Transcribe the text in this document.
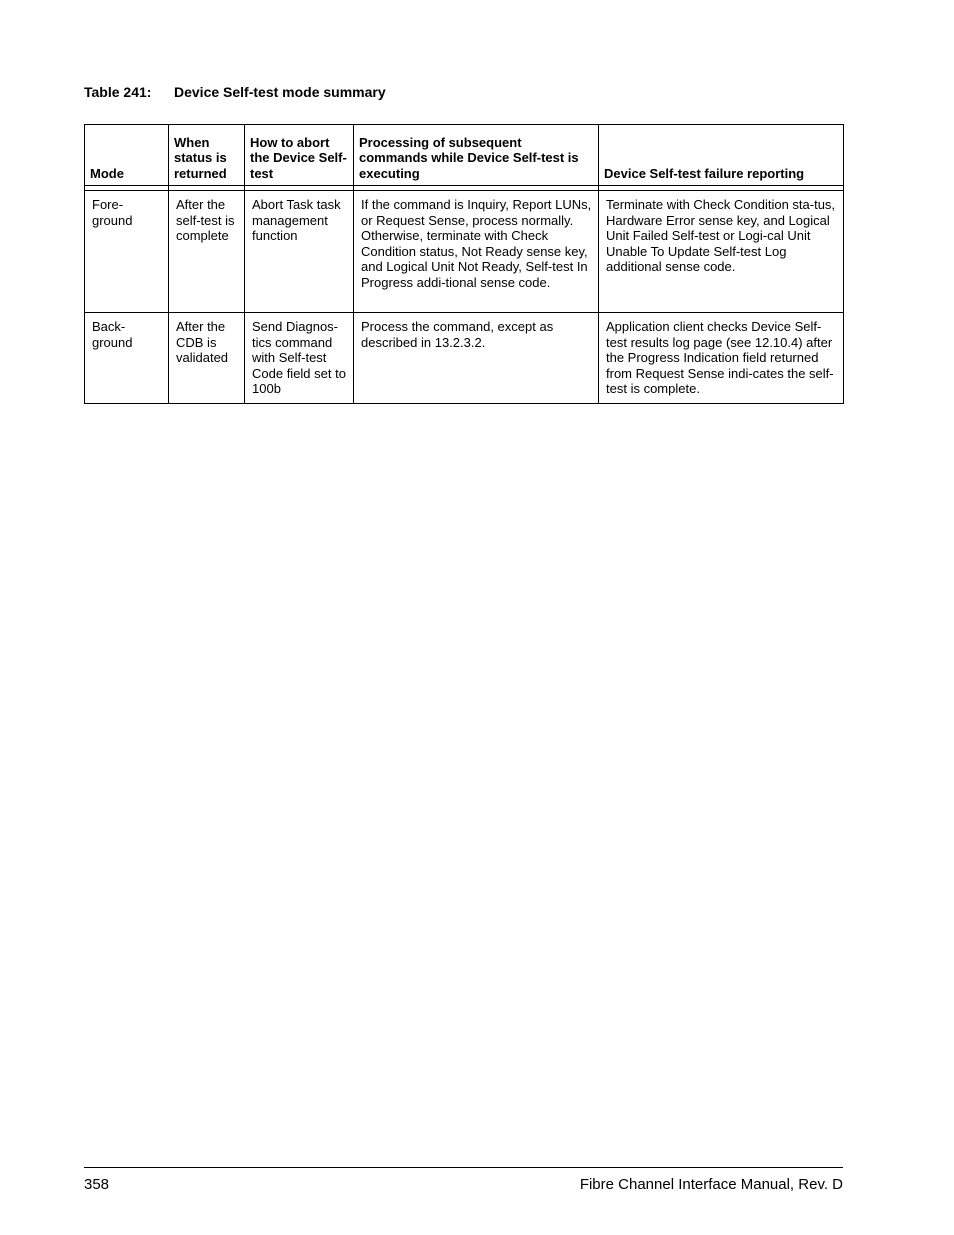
Table 241: Device Self-test mode summary
Mode	When status is returned	How to abort the Device Self-test	Processing of subsequent commands while Device Self-test is executing	Device Self-test failure reporting

Fore-ground	After the self-test is complete	Abort Task task management function	If the command is Inquiry, Report LUNs, or Request Sense, process normally. Otherwise, terminate with Check Condition status, Not Ready sense key, and Logical Unit Not Ready, Self-test In Progress addi-tional sense code.	Terminate with Check Condition sta-tus, Hardware Error sense key, and Logical Unit Failed Self-test or Logi-cal Unit Unable To Update Self-test Log additional sense code.
Back-ground	After the CDB is validated	Send Diagnos-tics command with Self-test Code field set to 100b	Process the command, except as described in 13.2.3.2.	Application client checks Device Self-test results log page (see 12.10.4) after the Progress Indication field returned from Request Sense indi-cates the self-test is complete.
358	Fibre Channel Interface Manual, Rev. D
